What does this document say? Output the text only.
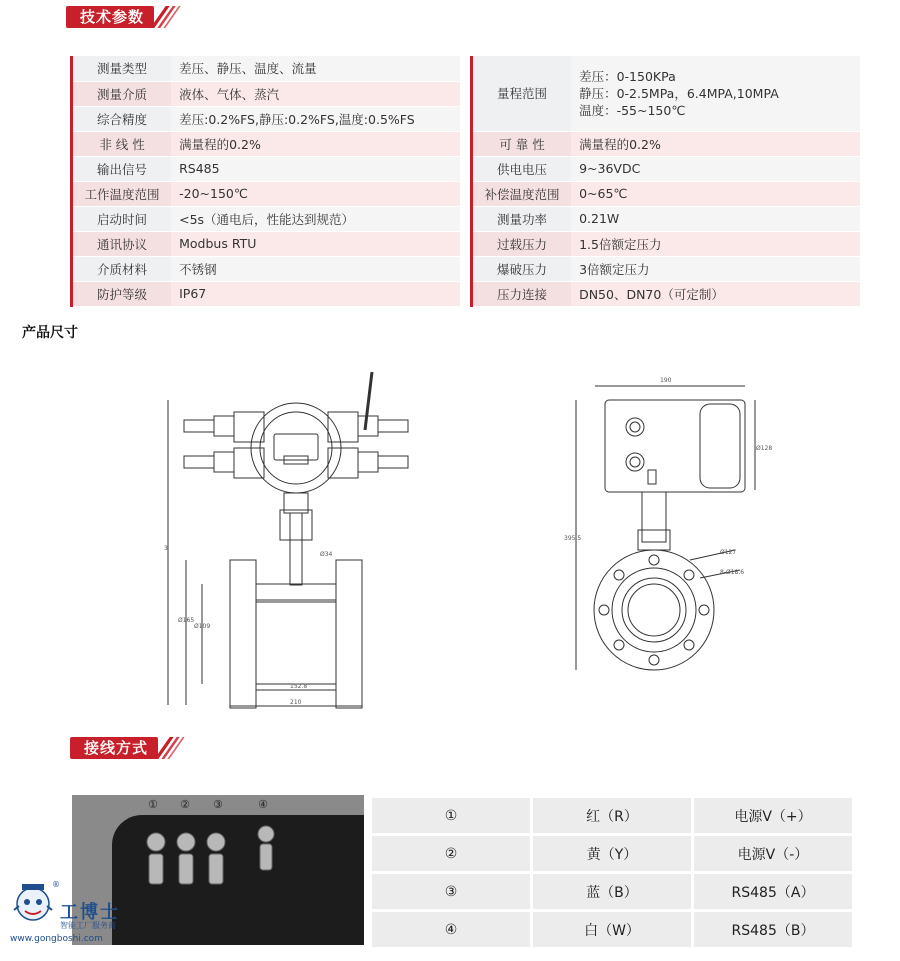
技术参数
测量类型	差压、静压、温度、流量
测量介质	液体、气体、蒸汽
综合精度	差压:0.2%FS,静压:0.2%FS,温度:0.5%FS
非 线 性	满量程的0.2%
输出信号	RS485
工作温度范围	-20~150℃
启动时间	<5s（通电后，性能达到规范）
通讯协议	Modbus RTU
介质材料	不锈钢
防护等级	IP67
量程范围	差压：0-150KPa
静压：0-2.5MPa，6.4MPA,10MPA
温度：-55~150℃

可 靠 性	满量程的0.2%
供电电压	9~36VDC
补偿温度范围	0~65℃
测量功率	0.21W
过载压力	1.5倍额定压力
爆破压力	3倍额定压力
压力连接	DN50、DN70（可定制）
产品尺寸
3
Ø165
Ø109
Ø34
152.8
210
190
Ø128
395.5
Ø127
8-Ø18.6
接线方式
① ② ③	④
①	红（R）	电源V（+）
②	黄（Y）	电源V（-）
③	蓝（B）	RS485（A）
④	白（W）	RS485（B）
工博士
®
智能工厂服务商
www.gongboshi.com
